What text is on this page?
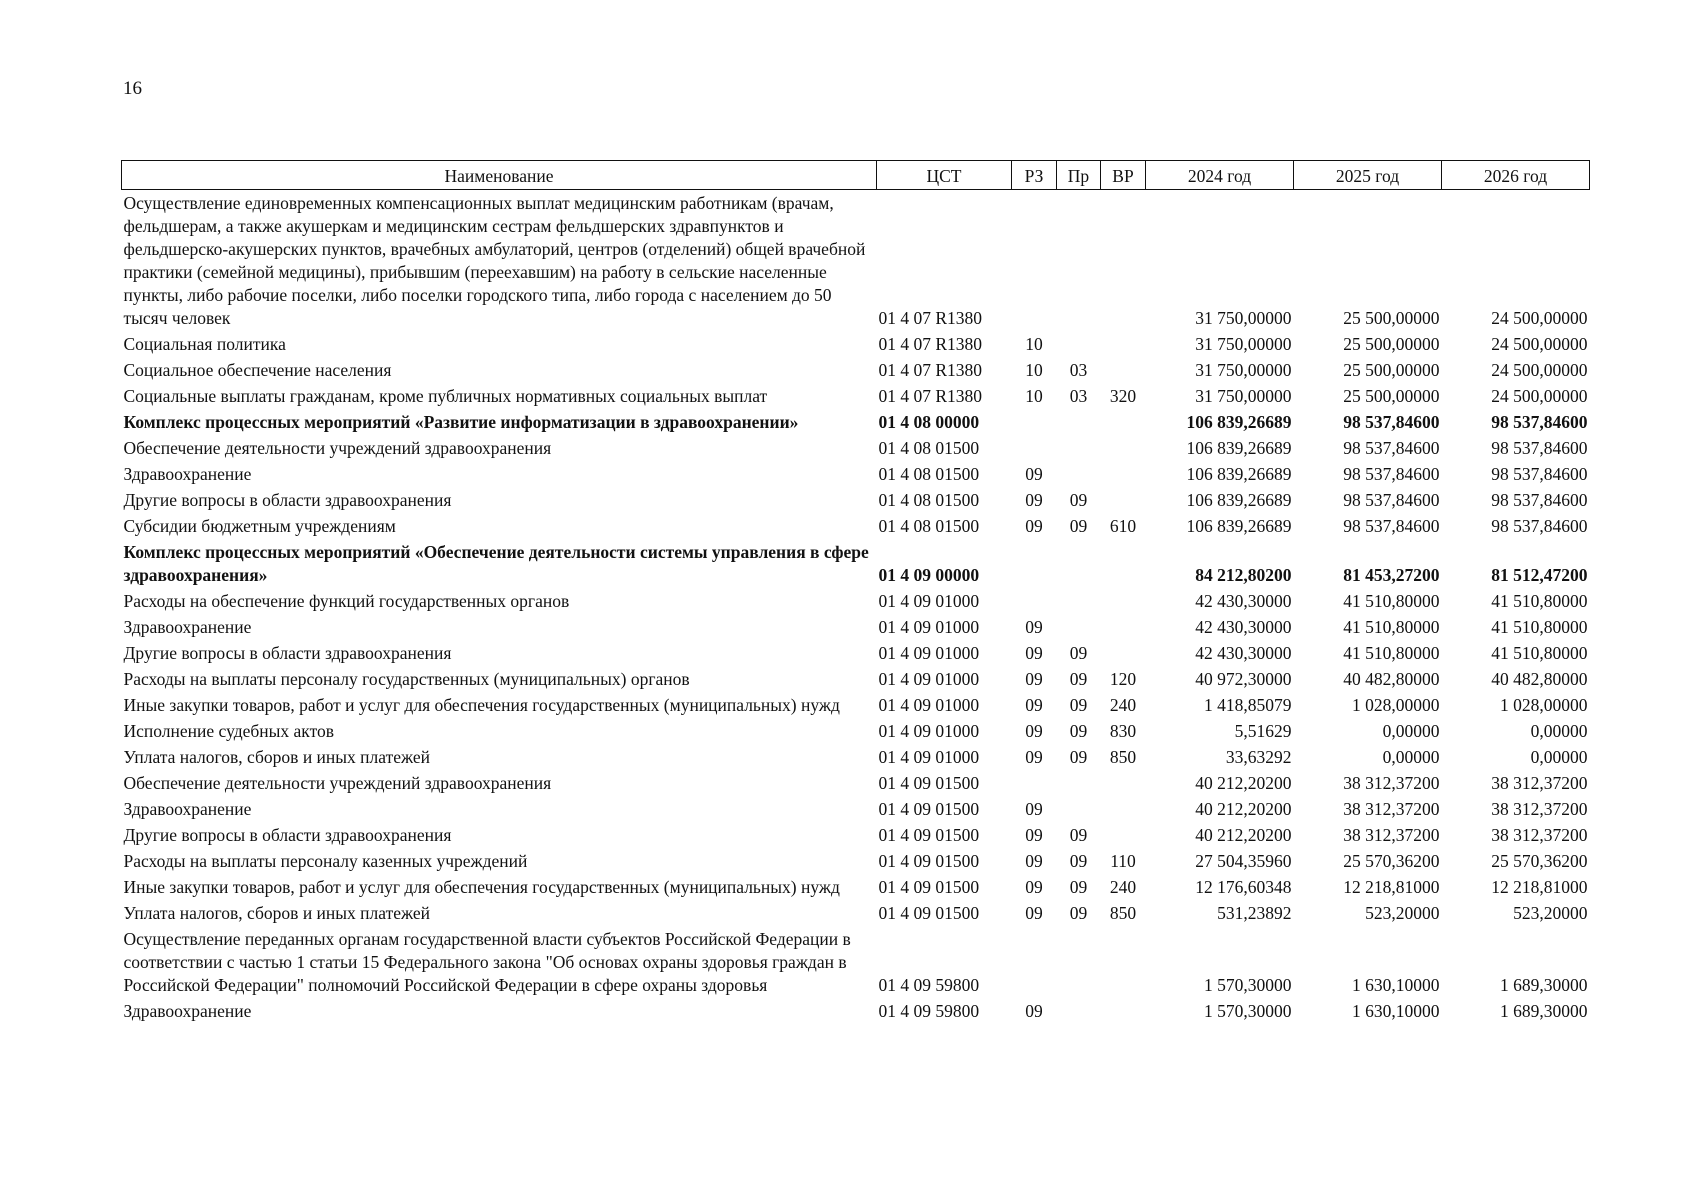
16
Наименование	ЦСТ	РЗ	Пр	ВР	2024 год	2025 год	2026 год
Осуществление единовременных компенсационных выплат медицинским работникам (врачам, фельдшерам, а также акушеркам и медицинским сестрам фельдшерских здравпунктов и фельдшерско-акушерских пунктов, врачебных амбулаторий, центров (отделений) общей врачебной практики (семейной медицины), прибывшим (переехавшим) на работу в сельские населенные пункты, либо рабочие поселки, либо поселки городского типа, либо города с населением до 50 тысяч человек	01 4 07 R1380				31 750,00000	25 500,00000	24 500,00000
Социальная политика	01 4 07 R1380	10			31 750,00000	25 500,00000	24 500,00000
Социальное обеспечение населения	01 4 07 R1380	10	03		31 750,00000	25 500,00000	24 500,00000
Социальные выплаты гражданам, кроме публичных нормативных социальных выплат	01 4 07 R1380	10	03	320	31 750,00000	25 500,00000	24 500,00000
Комплекс процессных мероприятий «Развитие информатизации в здравоохранении»	01 4 08 00000				106 839,26689	98 537,84600	98 537,84600
Обеспечение деятельности учреждений здравоохранения	01 4 08 01500				106 839,26689	98 537,84600	98 537,84600
Здравоохранение	01 4 08 01500	09			106 839,26689	98 537,84600	98 537,84600
Другие вопросы в области здравоохранения	01 4 08 01500	09	09		106 839,26689	98 537,84600	98 537,84600
Субсидии бюджетным учреждениям	01 4 08 01500	09	09	610	106 839,26689	98 537,84600	98 537,84600
Комплекс процессных мероприятий «Обеспечение деятельности системы управления в сфере здравоохранения»	01 4 09 00000				84 212,80200	81 453,27200	81 512,47200
Расходы на обеспечение функций государственных органов	01 4 09 01000				42 430,30000	41 510,80000	41 510,80000
Здравоохранение	01 4 09 01000	09			42 430,30000	41 510,80000	41 510,80000
Другие вопросы в области здравоохранения	01 4 09 01000	09	09		42 430,30000	41 510,80000	41 510,80000
Расходы на выплаты персоналу государственных (муниципальных) органов	01 4 09 01000	09	09	120	40 972,30000	40 482,80000	40 482,80000
Иные закупки товаров, работ и услуг для обеспечения государственных (муниципальных) нужд	01 4 09 01000	09	09	240	1 418,85079	1 028,00000	1 028,00000
Исполнение судебных актов	01 4 09 01000	09	09	830	5,51629	0,00000	0,00000
Уплата налогов, сборов и иных платежей	01 4 09 01000	09	09	850	33,63292	0,00000	0,00000
Обеспечение деятельности учреждений здравоохранения	01 4 09 01500				40 212,20200	38 312,37200	38 312,37200
Здравоохранение	01 4 09 01500	09			40 212,20200	38 312,37200	38 312,37200
Другие вопросы в области здравоохранения	01 4 09 01500	09	09		40 212,20200	38 312,37200	38 312,37200
Расходы на выплаты персоналу казенных учреждений	01 4 09 01500	09	09	110	27 504,35960	25 570,36200	25 570,36200
Иные закупки товаров, работ и услуг для обеспечения государственных (муниципальных) нужд	01 4 09 01500	09	09	240	12 176,60348	12 218,81000	12 218,81000
Уплата налогов, сборов и иных платежей	01 4 09 01500	09	09	850	531,23892	523,20000	523,20000
Осуществление переданных органам государственной власти субъектов Российской Федерации в соответствии с частью 1 статьи 15 Федерального закона "Об основах охраны здоровья граждан в Российской Федерации" полномочий Российской Федерации в сфере охраны здоровья	01 4 09 59800				1 570,30000	1 630,10000	1 689,30000
Здравоохранение	01 4 09 59800	09			1 570,30000	1 630,10000	1 689,30000
